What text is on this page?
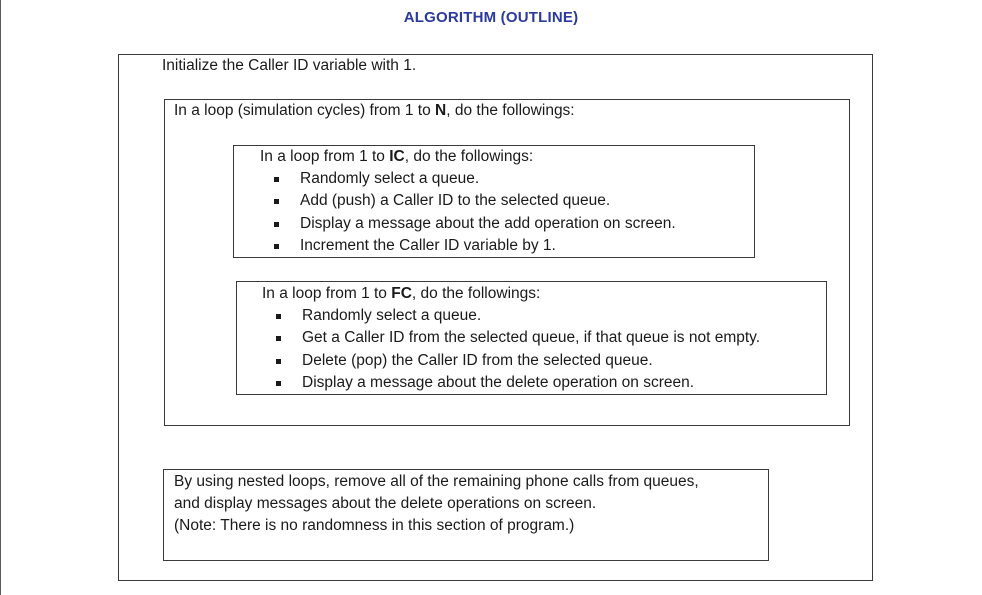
ALGORITHM (OUTLINE)
Initialize the Caller ID variable with 1.
In a loop (simulation cycles) from 1 to N, do the followings:
In a loop from 1 to IC, do the followings:
Randomly select a queue.
Add (push) a Caller ID to the selected queue.
Display a message about the add operation on screen.
Increment the Caller ID variable by 1.
In a loop from 1 to FC, do the followings:
Randomly select a queue.
Get a Caller ID from the selected queue, if that queue is not empty.
Delete (pop) the Caller ID from the selected queue.
Display a message about the delete operation on screen.
By using nested loops, remove all of the remaining phone calls from queues,
and display messages about the delete operations on screen.
(Note: There is no randomness in this section of program.)
